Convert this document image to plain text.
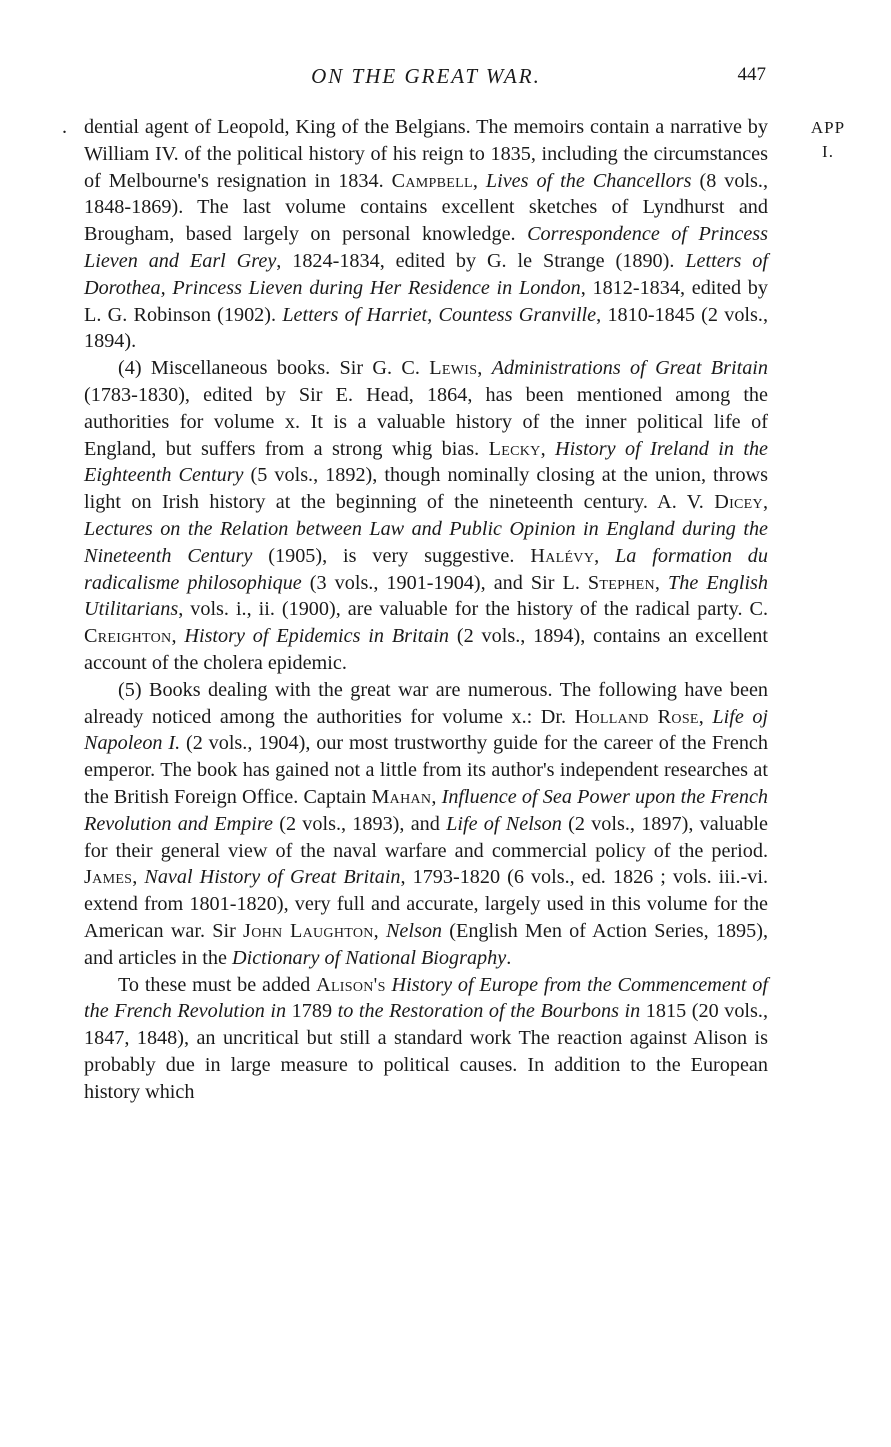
ON THE GREAT WAR.	447
APP
I.

. dential agent of Leopold, King of the Belgians. The memoirs contain a narrative by William IV. of the political history of his reign to 1835, including the circumstances of Melbourne's resignation in 1834. Campbell, Lives of the Chancellors (8 vols., 1848-1869). The last volume contains excellent sketches of Lyndhurst and Brougham, based largely on personal knowledge. Correspondence of Princess Lieven and Earl Grey, 1824-1834, edited by G. le Strange (1890). Letters of Dorothea, Princess Lieven during Her Residence in London, 1812-1834, edited by L. G. Robinson (1902). Letters of Harriet, Countess Granville, 1810-1845 (2 vols., 1894).

(4) Miscellaneous books. Sir G. C. Lewis, Administrations of Great Britain (1783-1830), edited by Sir E. Head, 1864, has been mentioned among the authorities for volume x. It is a valuable history of the inner political life of England, but suffers from a strong whig bias. Lecky, History of Ireland in the Eighteenth Century (5 vols., 1892), though nominally closing at the union, throws light on Irish history at the beginning of the nineteenth century. A. V. Dicey, Lectures on the Relation between Law and Public Opinion in England during the Nineteenth Century (1905), is very suggestive. Halévy, La formation du radicalisme philosophique (3 vols., 1901-1904), and Sir L. Stephen, The English Utilitarians, vols. i., ii. (1900), are valuable for the history of the radical party. C. Creighton, History of Epidemics in Britain (2 vols., 1894), contains an excellent account of the cholera epidemic.

(5) Books dealing with the great war are numerous. The following have been already noticed among the authorities for volume x.: Dr. Holland Rose, Life oj Napoleon I. (2 vols., 1904), our most trustworthy guide for the career of the French emperor. The book has gained not a little from its author's independent researches at the British Foreign Office. Captain Mahan, Influence of Sea Power upon the French Revolution and Empire (2 vols., 1893), and Life of Nelson (2 vols., 1897), valuable for their general view of the naval warfare and commercial policy of the period. James, Naval History of Great Britain, 1793-1820 (6 vols., ed. 1826 ; vols. iii.-vi. extend from 1801-1820), very full and accurate, largely used in this volume for the American war. Sir John Laughton, Nelson (English Men of Action Series, 1895), and articles in the Dictionary of National Biography.

To these must be added Alison's History of Europe from the Commencement of the French Revolution in 1789 to the Restoration of the Bourbons in 1815 (20 vols., 1847, 1848), an uncritical but still a standard work The reaction against Alison is probably due in large measure to political causes. In addition to the European history which
